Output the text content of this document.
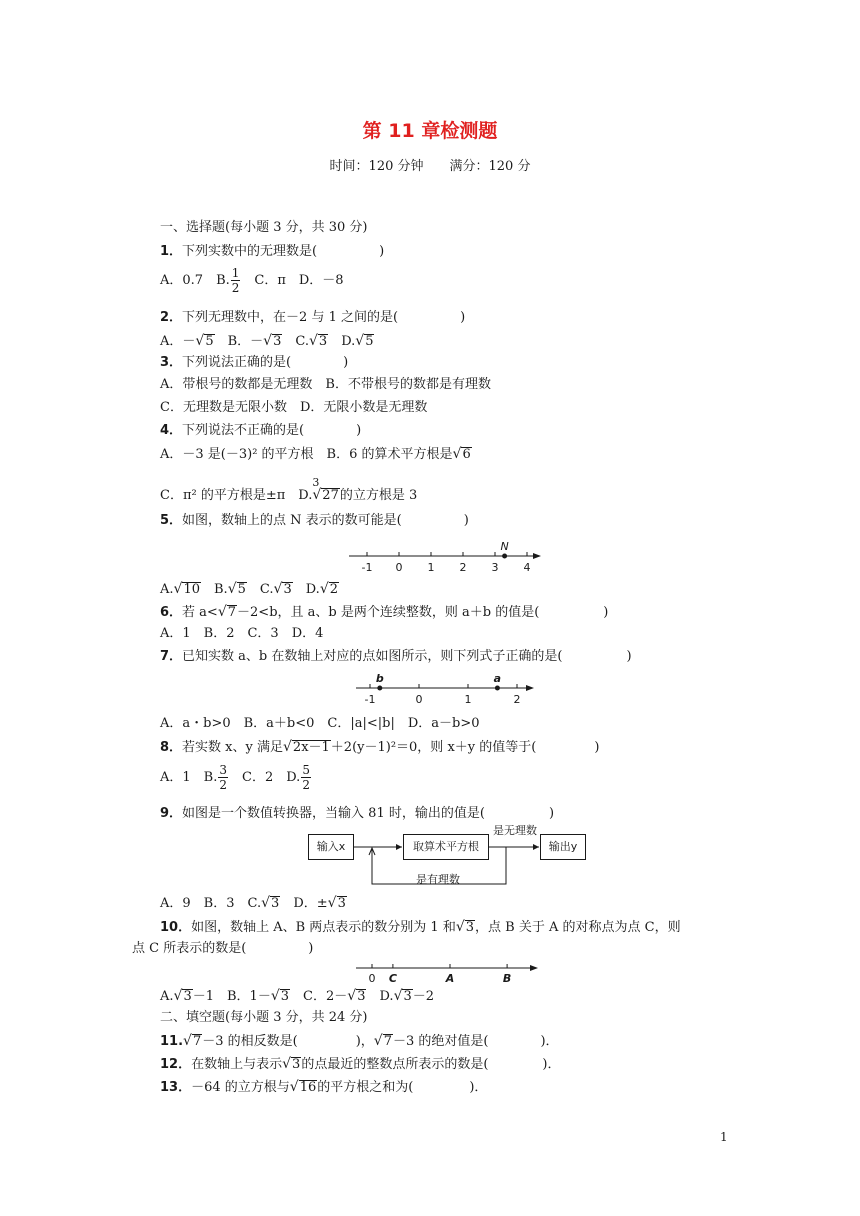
第 11 章检测题
时间：120 分钟　　满分：120 分
一、选择题(每小题 3 分，共 30 分)
1．下列实数中的无理数是(	)
A．0.7　B. $\frac{1}{2}$ 　C．π　D．－8
2．下列无理数中，在－2 与 1 之间的是(	)
A．－√5　B．－√3　C.√3　D.√5
3．下列说法正确的是(	)
A．带根号的数都是无理数　B．不带根号的数都是有理数
C．无理数是无限小数　D．无限小数是无理数
4．下列说法不正确的是(	)
A．－3 是(－3)² 的平方根　B．6 的算术平方根是√6
C．π² 的平方根是±π　D.
3
√27的立方根是 3
5．如图，数轴上的点 N 表示的数可能是(	)
-1 0 1 2 3 4
N
A.√10　B.√5　C.√3　D.√2
6．若 a<√7－2<b，且 a、b 是两个连续整数，则 a＋b 的值是(	)
A．1　B．2　C．3　D．4
7．已知实数 a、b 在数轴上对应的点如图所示，则下列式子正确的是(	)
-1	0	1	2
b	a
A．a・b>0　B．a＋b<0　C．|a|<|b|　D．a－b>0
8．若实数 x、y 满足√2x－1＋2(y－1)²＝0，则 x＋y 的值等于(	)
A．1　B. $\frac{3}{2}$ 　C．2　D. $\frac{5}{2}$
9．如图是一个数值转换器，当输入 81 时，输出的值是(	)
输入x	取算术平方根	输出y
是无理数
是有理数
A．9　B．3　C.√3　D．±√3
10．如图，数轴上 A、B 两点表示的数分别为 1 和√3，点 B 关于 A 的对称点为点 C，则
点 C 所表示的数是(	)
0 C	A	B
A.√3－1　B．1－√3　C．2－√3　D.√3－2
二、填空题(每小题 3 分，共 24 分)
11.√7－3 的相反数是(	)，√7－3 的绝对值是(	)．
12．在数轴上与表示√3的点最近的整数点所表示的数是(	)．
13．－64 的立方根与√16的平方根之和为(	)．
1
